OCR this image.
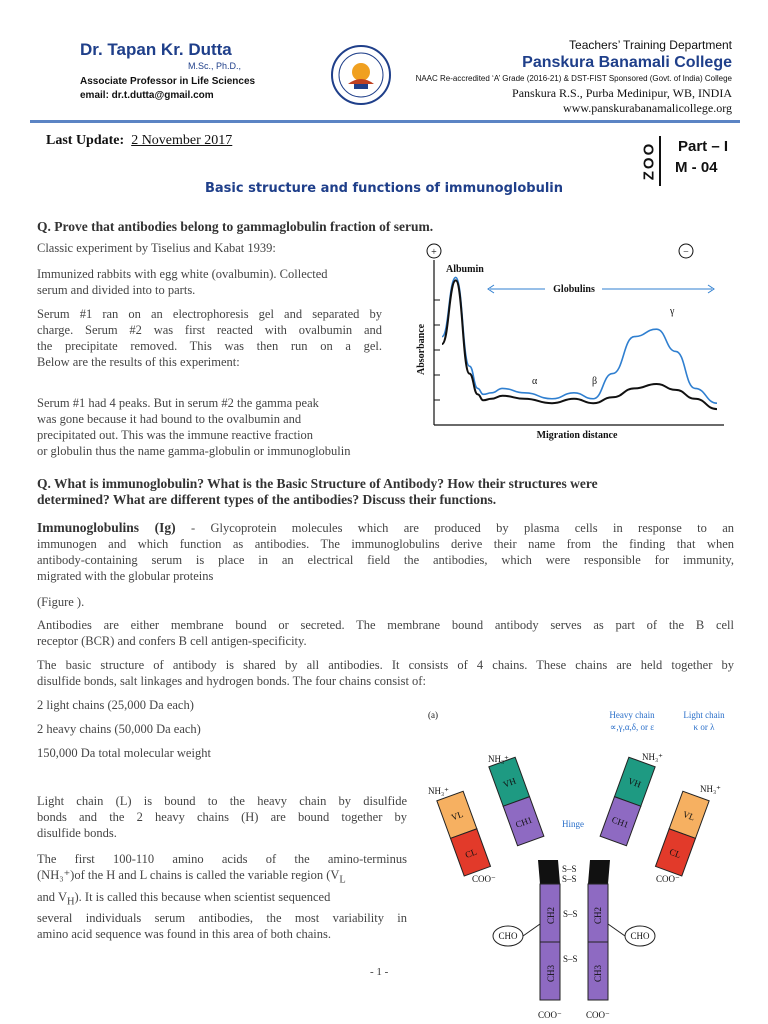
Dr. Tapan Kr. Dutta
M.Sc., Ph.D.,
Associate Professor in Life Sciences
email: dr.t.dutta@gmail.com
Teachers’ Training Department
Panskura Banamali College
NAAC Re-accredited ‘A’ Grade (2016-21) & DST-FIST Sponsored (Govt. of India) College
Panskura R.S., Purba Medinipur, WB, INDIA
www.panskurabanamalicollege.org
Last Update: 2 November 2017
ZOO Part – I
M - 04
Basic structure and functions of immunoglobulin
Q. Prove that antibodies belong to gammaglobulin fraction of serum.
Classic experiment by Tiselius and Kabat 1939:
Immunized rabbits with egg white (ovalbumin). Collected
serum and divided into to parts.
Serum #1 ran on an electrophoresis gel and separated by
charge. Serum #2 was first reacted with ovalbumin and
the precipitate removed. This was then run on a gel.
Below are the results of this experiment:
Serum #1 had 4 peaks. But in serum #2 the gamma peak
was gone because it had bound to the ovalbumin and
precipitated out. This was the immune reactive fraction
or globulin thus the name gamma-globulin or immunoglobulin
+	−
Albumin
Globulins
α	β
γ
Absorbance
Migration distance
Q. What is immunoglobulin? What is the Basic Structure of Antibody? How their structures were
determined? What are different types of the antibodies? Discuss their functions.
Immunoglobulins (Ig) - Glycoprotein molecules which are produced by plasma cells in response to an
immunogen and which function as antibodies. The immunoglobulins derive their name from the finding that when
antibody-containing serum is place in an electrical field the antibodies, which were responsible for immunity,
migrated with the globular proteins
(Figure ).
Antibodies are either membrane bound or secreted. The membrane bound antibody serves as part of the B cell
receptor (BCR) and confers B cell antigen-specificity.
The basic structure of antibody is shared by all antibodies. It consists of 4 chains. These chains are held together by
disulfide bonds, salt linkages and hydrogen bonds. The four chains consist of:
2 light chains (25,000 Da each)
2 heavy chains (50,000 Da each)
150,000 Da total molecular weight
Light chain (L) is bound to the heavy chain by disulfide
bonds and the 2 heavy chains (H) are bound together by
disulfide bonds.
The first 100-110 amino acids of the amino-terminus
(NH₃⁺)of the H and L chains is called the variable region ($V_L$
and $V_H$). It is called this because when scientist sequenced
several individuals serum antibodies, the most variability in
amino acid sequence was found in this area of both chains.
(a)	Heavy chain
∝,γ,α,δ, or ε
Light chain
κ or λ
VH
CH1
VL
CL
VH
CH1	VL
CL
Hinge
S–S
S–S
CH2	CH2
CH3	CH3
S–S
S–S
CHO	CHO
NH₃⁺
NH₃⁺
NH₃⁺
NH₃⁺
COO⁻	COO⁻
COO⁻	COO⁻
- 1 -
